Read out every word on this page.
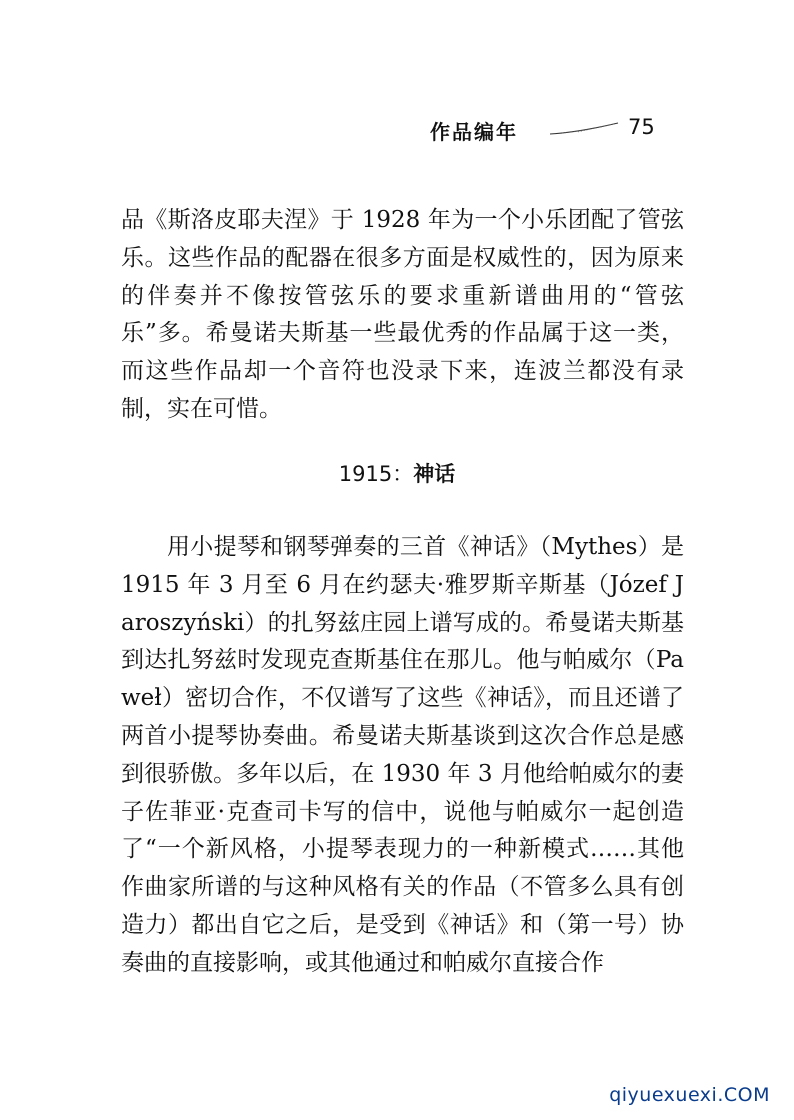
作品编年	75

品《斯洛皮耶夫涅》于 1928 年为一个小乐团配了管弦乐。这些作品的配器在很多方面是权威性的，因为原来的伴奏并不像按管弦乐的要求重新谱曲用的“管弦乐”多。希曼诺夫斯基一些最优秀的作品属于这一类，而这些作品却一个音符也没录下来，连波兰都没有录制，实在可惜。

1915：神话

用小提琴和钢琴弹奏的三首《神话》（Mythes）是 1915 年 3 月至 6 月在约瑟夫·雅罗斯辛斯基（Józef Jaroszyński）的扎努兹庄园上谱写成的。希曼诺夫斯基到达扎努兹时发现克查斯基住在那儿。他与帕威尔（Paweł）密切合作，不仅谱写了这些《神话》，而且还谱了两首小提琴协奏曲。希曼诺夫斯基谈到这次合作总是感到很骄傲。多年以后，在 1930 年 3 月他给帕威尔的妻子佐菲亚·克查司卡写的信中，说他与帕威尔一起创造了“一个新风格，小提琴表现力的一种新模式……其他作曲家所谱的与这种风格有关的作品（不管多么具有创造力）都出自它之后，是受到《神话》和（第一号）协奏曲的直接影响，或其他通过和帕威尔直接合作

qiyuexuexi.COM
